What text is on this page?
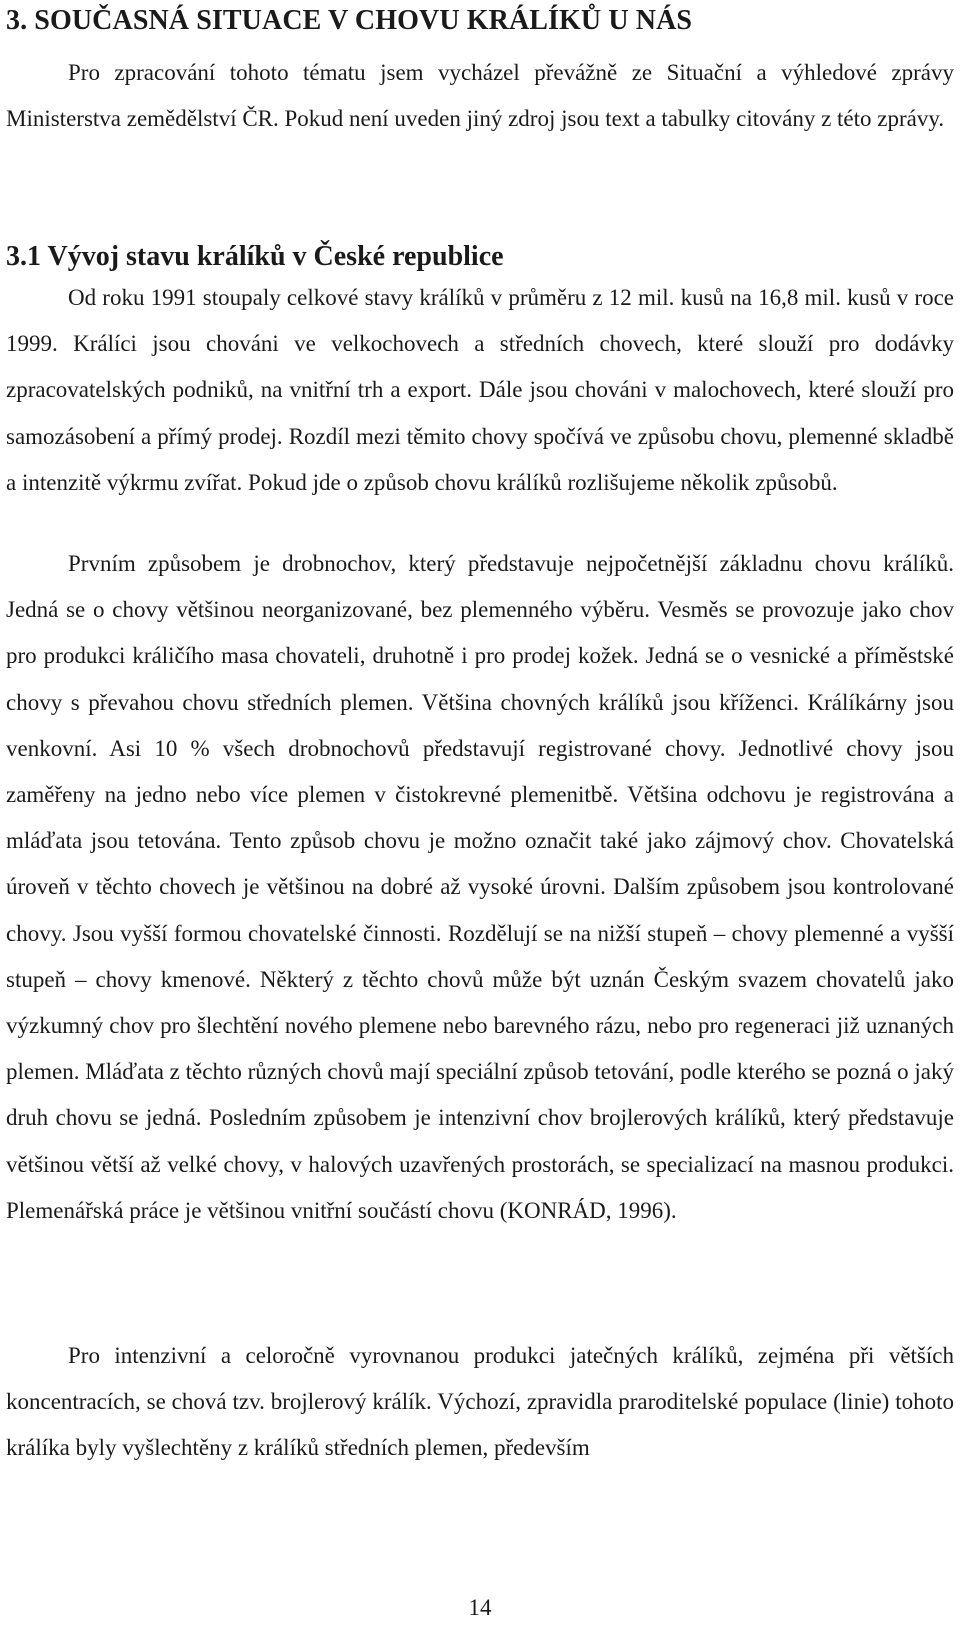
3. SOUČASNÁ SITUACE V CHOVU KRÁLÍKŮ U NÁS

Pro zpracování tohoto tématu jsem vycházel převážně ze Situační a výhledové zprávy Ministerstva zemědělství ČR. Pokud není uveden jiný zdroj jsou text a tabulky citovány z této zprávy.

3.1 Vývoj stavu králíků v České republice

Od roku 1991 stoupaly celkové stavy králíků v průměru z 12 mil. kusů na 16,8 mil. kusů v roce 1999. Králíci jsou chováni ve velkochovech a středních chovech, které slouží pro dodávky zpracovatelských podniků, na vnitřní trh a export. Dále jsou chováni v malochovech, které slouží pro samozásobení a přímý prodej. Rozdíl mezi těmito chovy spočívá ve způsobu chovu, plemenné skladbě a intenzitě výkrmu zvířat. Pokud jde o způsob chovu králíků rozlišujeme několik způsobů.

Prvním způsobem je drobnochov, který představuje nejpočetnější základnu chovu králíků. Jedná se o chovy většinou neorganizované, bez plemenného výběru. Vesměs se provozuje jako chov pro produkci králičího masa chovateli, druhotně i pro prodej kožek. Jedná se o vesnické a příměstské chovy s převahou chovu středních plemen. Většina chovných králíků jsou kříženci. Králíkárny jsou venkovní. Asi 10 % všech drobnochovů představují registrované chovy. Jednotlivé chovy jsou zaměřeny na jedno nebo více plemen v čistokrevné plemenitbě. Většina odchovu je registrována a mláďata jsou tetována. Tento způsob chovu je možno označit také jako zájmový chov. Chovatelská úroveň v těchto chovech je většinou na dobré až vysoké úrovni. Dalším způsobem jsou kontrolované chovy. Jsou vyšší formou chovatelské činnosti. Rozdělují se na nižší stupeň – chovy plemenné a vyšší stupeň – chovy kmenové. Některý z těchto chovů může být uznán Českým svazem chovatelů jako výzkumný chov pro šlechtění nového plemene nebo barevného rázu, nebo pro regeneraci již uznaných plemen. Mláďata z těchto různých chovů mají speciální způsob tetování, podle kterého se pozná o jaký druh chovu se jedná. Posledním způsobem je intenzivní chov brojlerových králíků, který představuje většinou větší až velké chovy, v halových uzavřených prostorách, se specializací na masnou produkci. Plemenářská práce je většinou vnitřní součástí chovu (KONRÁD, 1996).

Pro intenzivní a celoročně vyrovnanou produkci jatečných králíků, zejména při větších koncentracích, se chová tzv. brojlerový králík. Výchozí, zpravidla praroditelské populace (linie) tohoto králíka byly vyšlechtěny z králíků středních plemen, především

14
